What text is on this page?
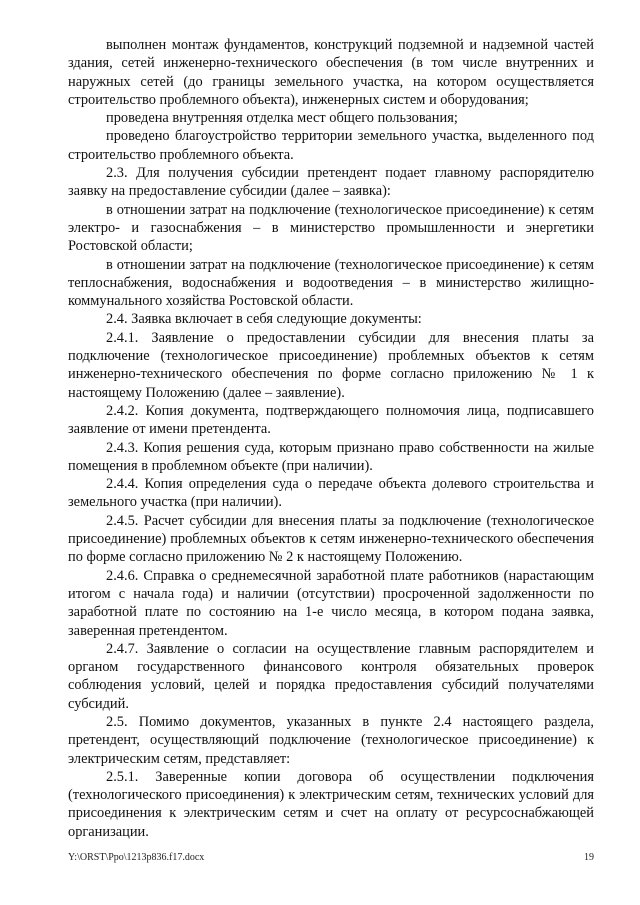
выполнен монтаж фундаментов, конструкций подземной и надземной частей здания, сетей инженерно-технического обеспечения (в том числе внутренних и наружных сетей (до границы земельного участка, на котором осуществляется строительство проблемного объекта), инженерных систем и оборудования;

проведена внутренняя отделка мест общего пользования;

проведено благоустройство территории земельного участка, выделенного под строительство проблемного объекта.

2.3. Для получения субсидии претендент подает главному распорядителю заявку на предоставление субсидии (далее – заявка):

в отношении затрат на подключение (технологическое присоединение) к сетям электро- и газоснабжения – в министерство промышленности и энергетики Ростовской области;

в отношении затрат на подключение (технологическое присоединение) к сетям теплоснабжения, водоснабжения и водоотведения – в министерство жилищно-коммунального хозяйства Ростовской области.

2.4. Заявка включает в себя следующие документы:

2.4.1. Заявление о предоставлении субсидии для внесения платы за подключение (технологическое присоединение) проблемных объектов к сетям инженерно-технического обеспечения по форме согласно приложению № 1 к настоящему Положению (далее – заявление).

2.4.2. Копия документа, подтверждающего полномочия лица, подписавшего заявление от имени претендента.

2.4.3. Копия решения суда, которым признано право собственности на жилые помещения в проблемном объекте (при наличии).

2.4.4. Копия определения суда о передаче объекта долевого строительства и земельного участка (при наличии).

2.4.5. Расчет субсидии для внесения платы за подключение (технологическое присоединение) проблемных объектов к сетям инженерно-технического обеспечения по форме согласно приложению № 2 к настоящему Положению.

2.4.6. Справка о среднемесячной заработной плате работников (нарастающим итогом с начала года) и наличии (отсутствии) просроченной задолженности по заработной плате по состоянию на 1-е число месяца, в котором подана заявка, заверенная претендентом.

2.4.7. Заявление о согласии на осуществление главным распорядителем и органом государственного финансового контроля обязательных проверок соблюдения условий, целей и порядка предоставления субсидий получателями субсидий.

2.5. Помимо документов, указанных в пункте 2.4 настоящего раздела, претендент, осуществляющий подключение (технологическое присоединение) к электрическим сетям, представляет:

2.5.1. Заверенные копии договора об осуществлении подключения (технологического присоединения) к электрическим сетям, технических условий для присоединения к электрическим сетям и счет на оплату от ресурсоснабжающей организации.

Y:\ORST\Ppo\1213p836.f17.docx	19
